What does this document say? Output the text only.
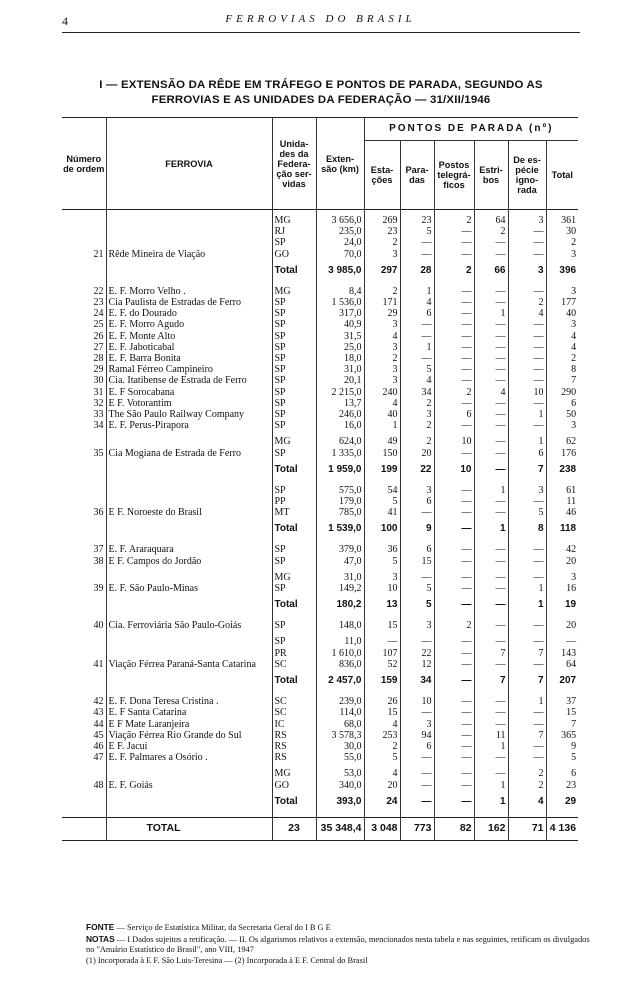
4	FERROVIAS DO BRASIL
I — EXTENSÃO DA RÊDE EM TRÁFEGO E PONTOS DE PARADA, SEGUNDO AS
FERROVIAS E AS UNIDADES DA FEDERAÇÃO — 31/XII/1946
Número de ordem	FERROVIA	Unida- des da Federa- ção ser- vidas	Exten- são (km)	PONTOS DE PARADA (nº)					
				Esta- ções	Para- das	Postos telegrá- ficos	Estri- bos	De es- pécie igno- rada	Total

		MG	3 656,0	269	23	2	64	3	361
		RJ	235,0	23	5	—	2	—	30
		SP	24,0	2	—	—	—	—	2
21	Rêde Mineira de Viação	GO	70,0	3	—	—	—	—	3
		Total	3 985,0	297	28	2	66	3	396

22	E. F. Morro Velho .	MG	8,4	2	1	—	—	—	3
23	Cia Paulista de Estradas de Ferro	SP	1 536,0	171	4	—	—	2	177
24	E. F. do Dourado	SP	317,0	29	6	—	1	4	40
25	E. F. Morro Agudo	SP	40,9	3	—	—	—	—	3
26	E. F. Monte Alto	SP	31,5	4	—	—	—	—	4
27	E. F. Jaboticabal	SP	25,0	3	1	—	—	—	4
28	E. F. Barra Bonita	SP	18,0	2	—	—	—	—	2
29	Ramal Férreo Campineiro	SP	31,0	3	5	—	—	—	8
30	Cia. Itatibense de Estrada de Ferro	SP	20,1	3	4	—	—	—	7
31	E. F Sorocabana	SP	2 215,0	240	34	2	4	10	290
32	E F. Votorantim	SP	13,7	4	2	—	—	—	6
33	The São Paulo Railway Company	SP	246,0	40	3	6	—	1	50
34	E. F. Perus-Pirapora	SP	16,0	1	2	—	—	—	3

		MG	624,0	49	2	10	—	1	62
35	Cia Mogiana de Estrada de Ferro	SP	1 335,0	150	20	—	—	6	176
		Total	1 959,0	199	22	10	—	7	238

		SP	575,0	54	3	—	1	3	61
		PP	179,0	5	6	—	—	—	11
36	E F. Noroeste do Brasil	MT	785,0	41	—	—	—	5	46
		Total	1 539,0	100	9	—	1	8	118

37	E. F. Araraquara	SP	379,0	36	6	—	—	—	42
38	E F. Campos do Jordão	SP	47,0	5	15	—	—	—	20

		MG	31,0	3	—	—	—	—	3
39	E. F. São Paulo-Minas	SP	149,2	10	5	—	—	1	16
		Total	180,2	13	5	—	—	1	19

40	Cia. Ferroviária São Paulo-Goiás	SP	148,0	15	3	2	—	—	20

		SP	11,0	—	—	—	—	—	—
		PR	1 610,0	107	22	—	7	7	143
41	Viação Férrea Paraná-Santa Catarina	SC	836,0	52	12	—	—	—	64
		Total	2 457,0	159	34	—	7	7	207

42	E. F. Dona Teresa Cristina .	SC	239,0	26	10	—	—	1	37
43	E. F Santa Catarina	SC	114,0	15	—	—	—	—	15
44	E F Mate Laranjeira	IC	68,0	4	3	—	—	—	7
45	Viação Férrea Rio Grande do Sul	RS	3 578,3	253	94	—	11	7	365
46	E F. Jacuí	RS	30,0	2	6	—	1	—	9
47	E. F. Palmares a Osório .	RS	55,0	5	—	—	—	—	5

		MG	53,0	4	—	—	—	2	6
48	E. F. Goiás	GO	340,0	20	—	—	1	2	23
		Total	393,0	24	—	—	1	4	29

	TOTAL	23	35 348,4	3 048	773	82	162	71	4 136
FONTE — Serviço de Estatística Militar, da Secretaria Geral do I B G E
NOTAS — I Dados sujeitos a retificação. — II. Os algarismos relativos a extensão, mencionados nesta tabela e nas seguintes, retificam os divulgados no "Anuário Estatístico do Brasil", ano VIII, 1947
(1) Incorporada à E F. São Luis-Teresina — (2) Incorporada à E F. Central do Brasil
